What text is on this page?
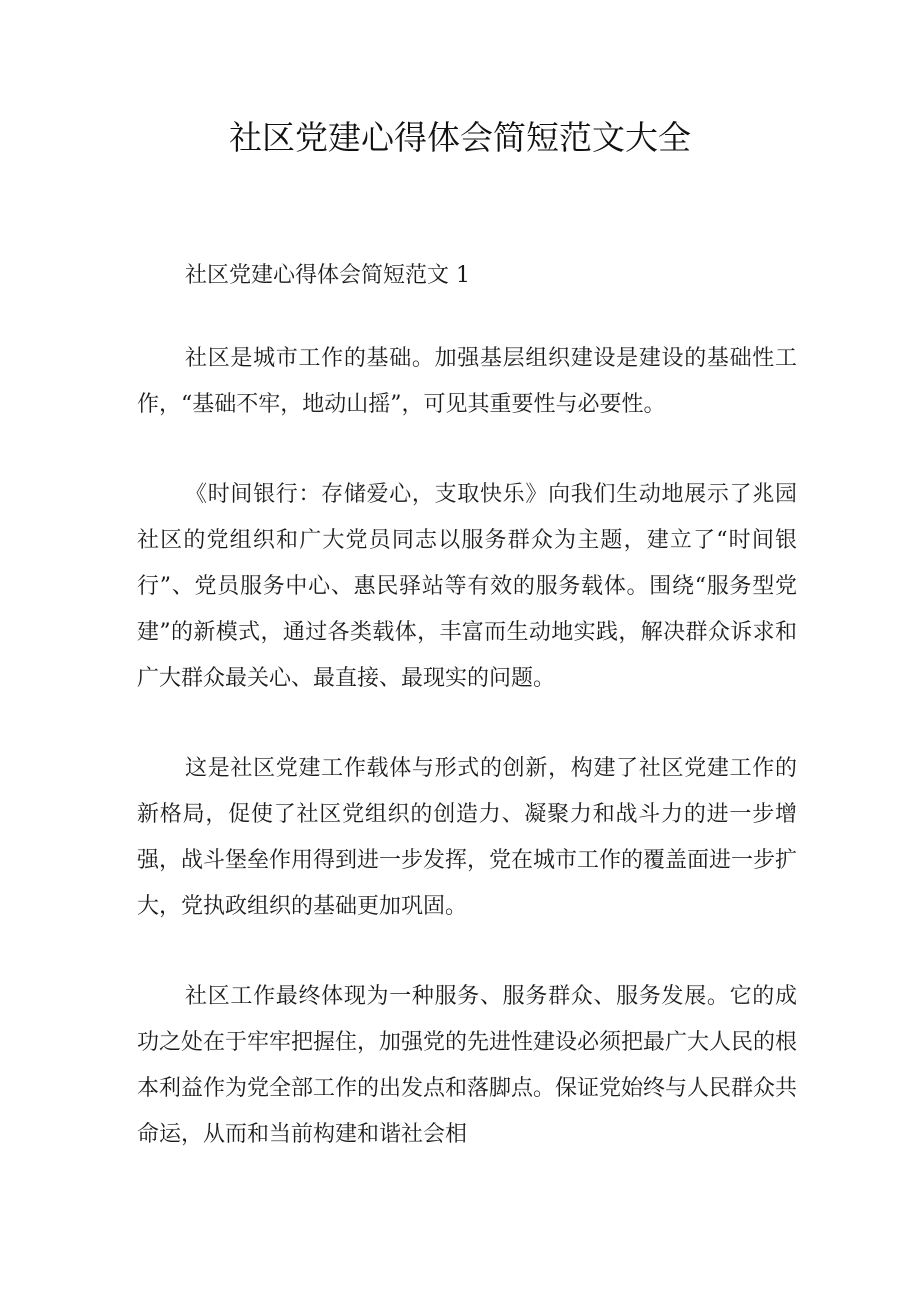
社区党建心得体会简短范文大全

社区党建心得体会简短范文 1

社区是城市工作的基础。加强基层组织建设是建设的基础性工作，“基础不牢，地动山摇”，可见其重要性与必要性。

《时间银行：存储爱心，支取快乐》向我们生动地展示了兆园社区的党组织和广大党员同志以服务群众为主题，建立了“时间银行”、党员服务中心、惠民驿站等有效的服务载体。围绕“服务型党建”的新模式，通过各类载体，丰富而生动地实践，解决群众诉求和广大群众最关心、最直接、最现实的问题。

这是社区党建工作载体与形式的创新，构建了社区党建工作的新格局，促使了社区党组织的创造力、凝聚力和战斗力的进一步增强，战斗堡垒作用得到进一步发挥，党在城市工作的覆盖面进一步扩大，党执政组织的基础更加巩固。

社区工作最终体现为一种服务、服务群众、服务发展。它的成功之处在于牢牢把握住，加强党的先进性建设必须把最广大人民的根本利益作为党全部工作的出发点和落脚点。保证党始终与人民群众共命运，从而和当前构建和谐社会相
